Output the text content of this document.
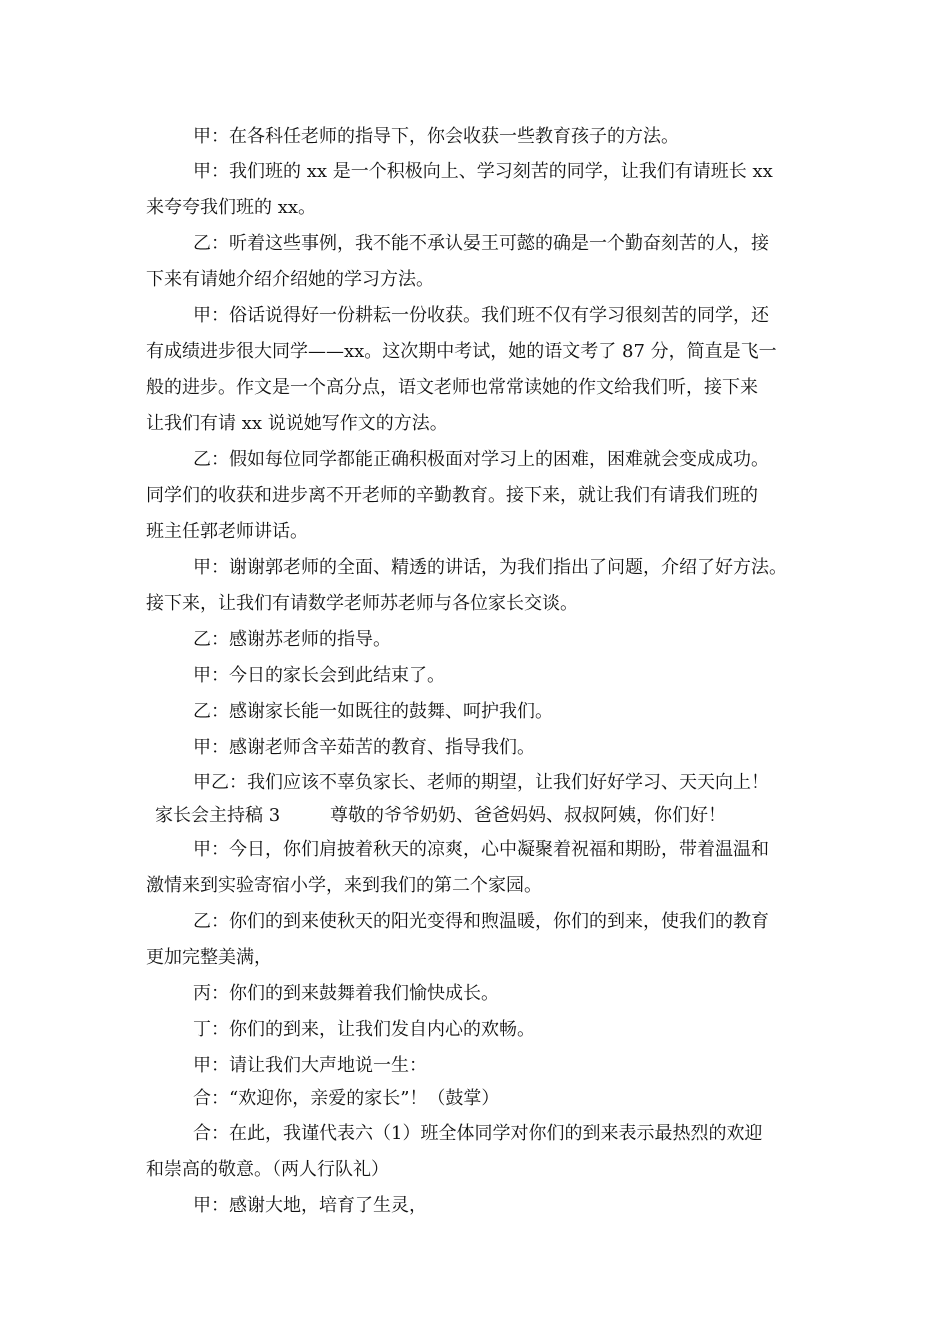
甲：在各科任老师的指导下，你会收获一些教育孩子的方法。
甲：我们班的 xx 是一个积极向上、学习刻苦的同学，让我们有请班长 xx
来夸夸我们班的 xx。
乙：听着这些事例，我不能不承认晏王可懿的确是一个勤奋刻苦的人，接
下来有请她介绍介绍她的学习方法。
甲：俗话说得好一份耕耘一份收获。我们班不仅有学习很刻苦的同学，还
有成绩进步很大同学——xx。这次期中考试，她的语文考了 87 分，简直是飞一
般的进步。作文是一个高分点，语文老师也常常读她的作文给我们听，接下来
让我们有请 xx 说说她写作文的方法。
乙：假如每位同学都能正确积极面对学习上的困难，困难就会变成成功。
同学们的收获和进步离不开老师的辛勤教育。接下来，就让我们有请我们班的
班主任郭老师讲话。
甲：谢谢郭老师的全面、精透的讲话，为我们指出了问题，介绍了好方法。
接下来，让我们有请数学老师苏老师与各位家长交谈。
乙：感谢苏老师的指导。
甲：今日的家长会到此结束了。
乙：感谢家长能一如既往的鼓舞、呵护我们。
甲：感谢老师含辛茹苦的教育、指导我们。
甲乙：我们应该不辜负家长、老师的期望，让我们好好学习、天天向上！
家长会主持稿 3	尊敬的爷爷奶奶、爸爸妈妈、叔叔阿姨，你们好！
甲：今日，你们肩披着秋天的凉爽，心中凝聚着祝福和期盼，带着温温和
激情来到实验寄宿小学，来到我们的第二个家园。
乙：你们的到来使秋天的阳光变得和煦温暖，你们的到来，使我们的教育
更加完整美满，
丙：你们的到来鼓舞着我们愉快成长。
丁：你们的到来，让我们发自内心的欢畅。
甲：请让我们大声地说一生：
合：“欢迎你，亲爱的家长”！（鼓掌）
合：在此，我谨代表六（1）班全体同学对你们的到来表示最热烈的欢迎
和崇高的敬意。（两人行队礼）
甲：感谢大地，培育了生灵，
